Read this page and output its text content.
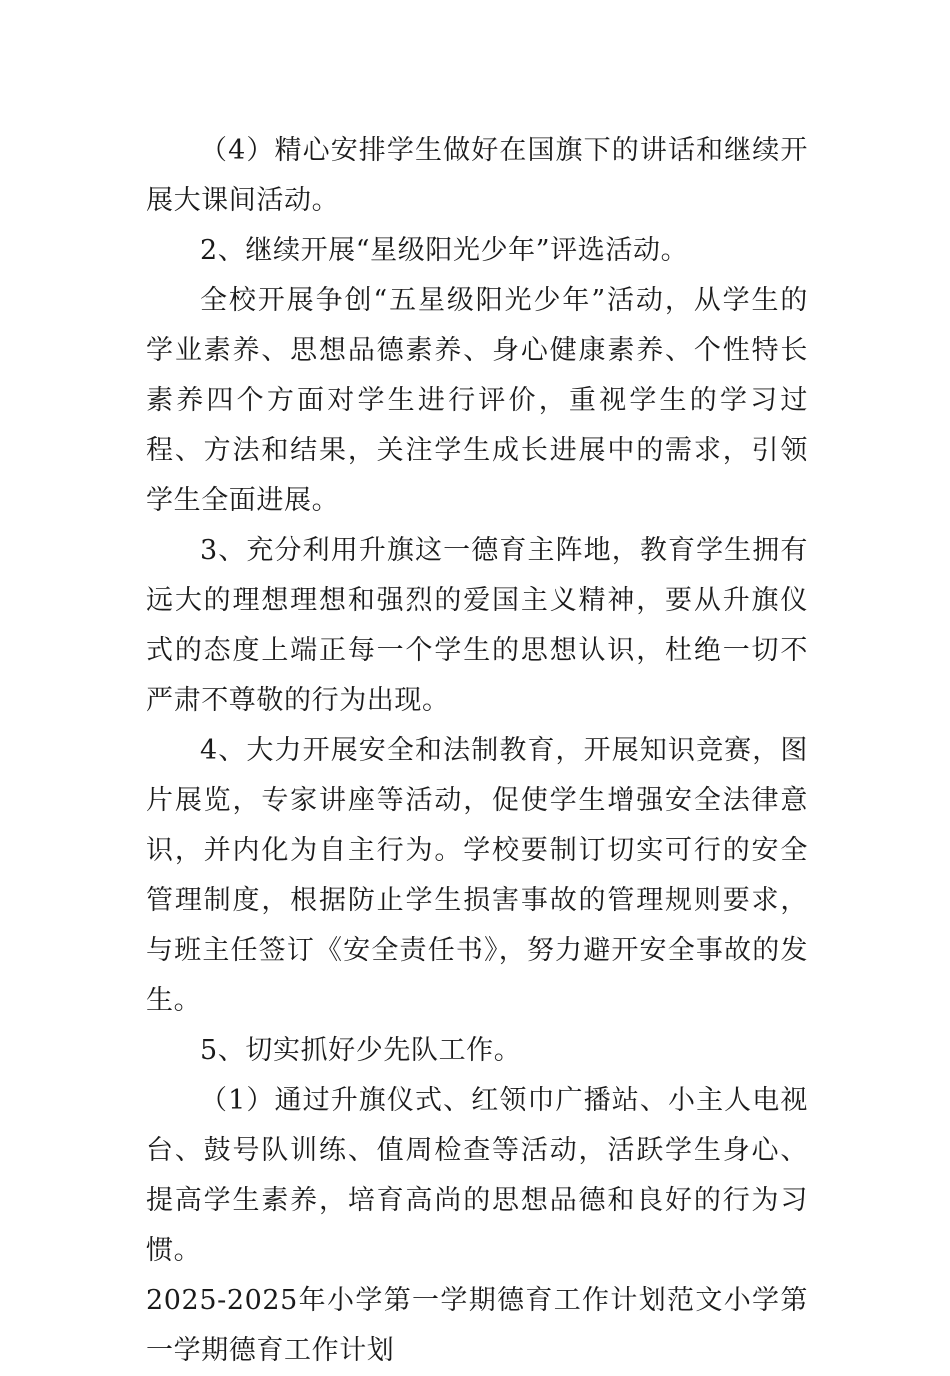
（4）精心安排学生做好在国旗下的讲话和继续开展大课间活动。

2、继续开展“星级阳光少年”评选活动。

全校开展争创“五星级阳光少年”活动，从学生的学业素养、思想品德素养、身心健康素养、个性特长素养四个方面对学生进行评价，重视学生的学习过程、方法和结果，关注学生成长进展中的需求，引领学生全面进展。

3、充分利用升旗这一德育主阵地，教育学生拥有远大的理想理想和强烈的爱国主义精神，要从升旗仪式的态度上端正每一个学生的思想认识，杜绝一切不严肃不尊敬的行为出现。

4、大力开展安全和法制教育，开展知识竞赛，图片展览，专家讲座等活动，促使学生增强安全法律意识，并内化为自主行为。学校要制订切实可行的安全管理制度，根据防止学生损害事故的管理规则要求，与班主任签订《安全责任书》，努力避开安全事故的发生。

5、切实抓好少先队工作。

（1）通过升旗仪式、红领巾广播站、小主人电视台、鼓号队训练、值周检查等活动，活跃学生身心、提高学生素养，培育高尚的思想品德和良好的行为习惯。

2025-2025年小学第一学期德育工作计划范文小学第一学期德育工作计划
